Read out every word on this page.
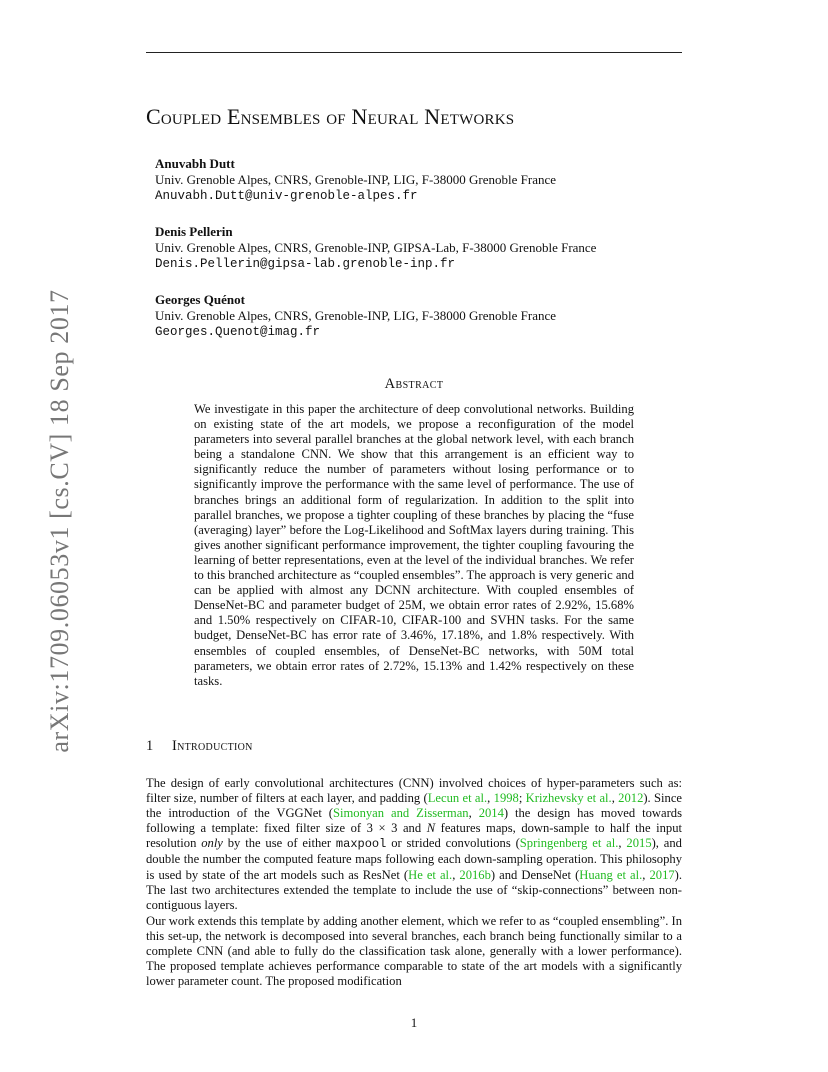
arXiv:1709.06053v1 [cs.CV] 18 Sep 2017
Coupled Ensembles of Neural Networks
Anuvabh Dutt
Univ. Grenoble Alpes, CNRS, Grenoble-INP, LIG, F-38000 Grenoble France
Anuvabh.Dutt@univ-grenoble-alpes.fr
Denis Pellerin
Univ. Grenoble Alpes, CNRS, Grenoble-INP, GIPSA-Lab, F-38000 Grenoble France
Denis.Pellerin@gipsa-lab.grenoble-inp.fr
Georges Quénot
Univ. Grenoble Alpes, CNRS, Grenoble-INP, LIG, F-38000 Grenoble France
Georges.Quenot@imag.fr
Abstract
We investigate in this paper the architecture of deep convolutional networks. Building on existing state of the art models, we propose a reconfiguration of the model parameters into several parallel branches at the global network level, with each branch being a standalone CNN. We show that this arrangement is an efficient way to significantly reduce the number of parameters without losing performance or to significantly improve the performance with the same level of performance. The use of branches brings an additional form of regularization. In addition to the split into parallel branches, we propose a tighter coupling of these branches by placing the “fuse (averaging) layer” before the Log-Likelihood and SoftMax layers during training. This gives another significant performance improvement, the tighter coupling favouring the learning of better representations, even at the level of the individual branches. We refer to this branched architecture as “coupled ensembles”. The approach is very generic and can be applied with almost any DCNN architecture. With coupled ensembles of DenseNet-BC and parameter budget of 25M, we obtain error rates of 2.92%, 15.68% and 1.50% respectively on CIFAR-10, CIFAR-100 and SVHN tasks. For the same budget, DenseNet-BC has error rate of 3.46%, 17.18%, and 1.8% respectively. With ensembles of coupled ensembles, of DenseNet-BC networks, with 50M total parameters, we obtain error rates of 2.72%, 15.13% and 1.42% respectively on these tasks.
1 Introduction
The design of early convolutional architectures (CNN) involved choices of hyper-parameters such as: filter size, number of filters at each layer, and padding (Lecun et al., 1998; Krizhevsky et al., 2012). Since the introduction of the VGGNet (Simonyan and Zisserman, 2014) the design has moved towards following a template: fixed filter size of 3 × 3 and N features maps, down-sample to half the input resolution only by the use of either maxpool or strided convolutions (Springenberg et al., 2015), and double the number the computed feature maps following each down-sampling operation. This philosophy is used by state of the art models such as ResNet (He et al., 2016b) and DenseNet (Huang et al., 2017). The last two architectures extended the template to include the use of “skip-connections” between non-contiguous layers.
Our work extends this template by adding another element, which we refer to as “coupled ensembling”. In this set-up, the network is decomposed into several branches, each branch being functionally similar to a complete CNN (and able to fully do the classification task alone, generally with a lower performance). The proposed template achieves performance comparable to state of the art models with a significantly lower parameter count. The proposed modification
1
